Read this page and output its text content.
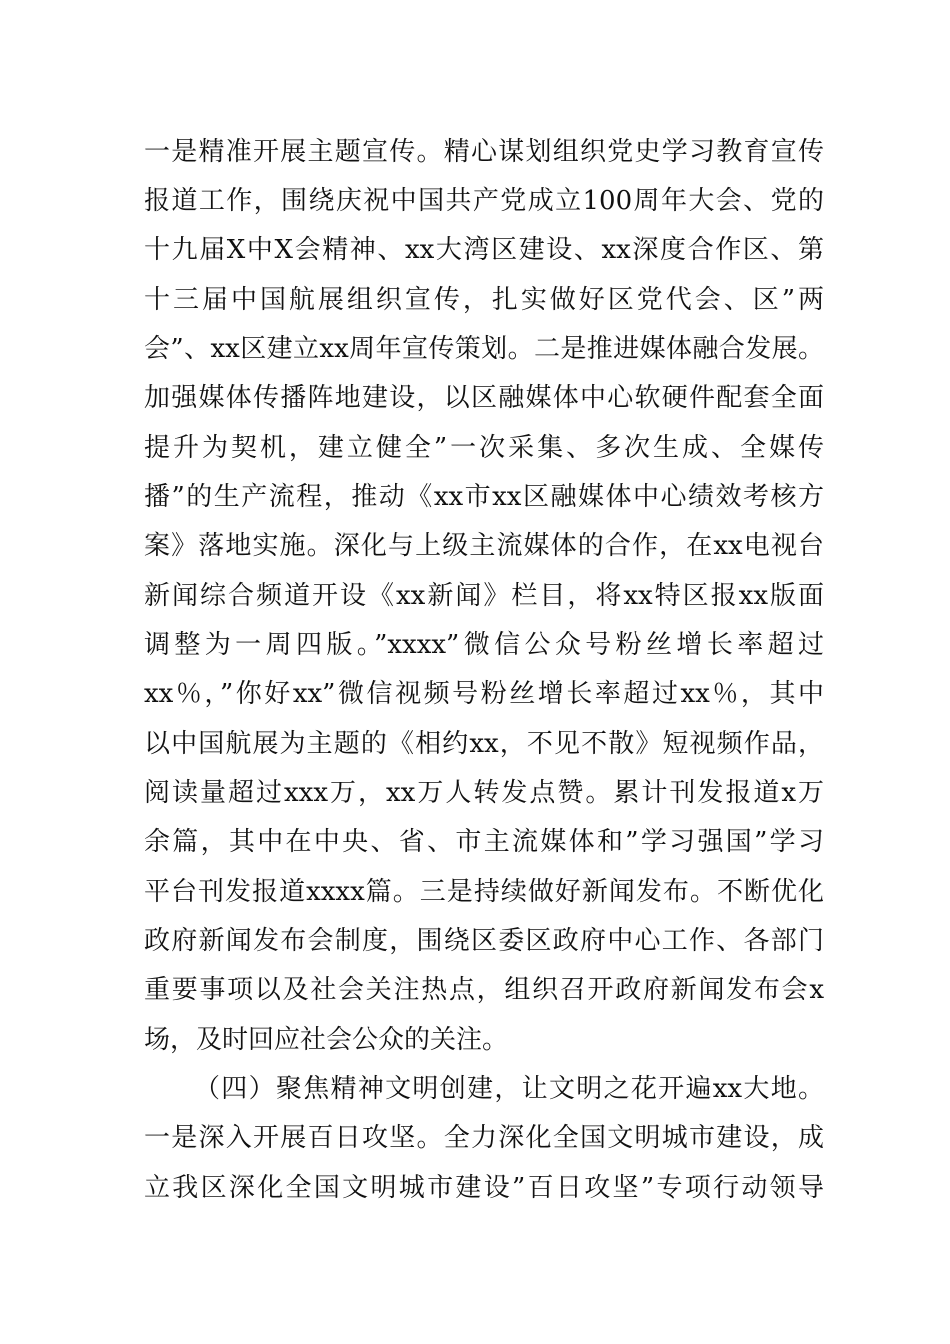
一是精准开展主题宣传。精心谋划组织党史学习教育宣传
报道工作，围绕庆祝中国共产党成立100周年大会、党的
十九届X中X会精神、xx大湾区建设、xx深度合作区、第
十三届中国航展组织宣传，扎实做好区党代会、区”两
会”、xx区建立xx周年宣传策划。二是推进媒体融合发展。
加强媒体传播阵地建设，以区融媒体中心软硬件配套全面
提升为契机，建立健全”一次采集、多次生成、全媒传
播”的生产流程，推动《xx市xx区融媒体中心绩效考核方
案》落地实施。深化与上级主流媒体的合作，在xx电视台
新闻综合频道开设《xx新闻》栏目，将xx特区报xx版面
调整为一周四版。”xxxx”微信公众号粉丝增长率超过
xx％，”你好xx”微信视频号粉丝增长率超过xx％，其中
以中国航展为主题的《相约xx，不见不散》短视频作品，
阅读量超过xxx万，xx万人转发点赞。累计刊发报道x万
余篇，其中在中央、省、市主流媒体和”学习强国”学习
平台刊发报道xxxx篇。三是持续做好新闻发布。不断优化
政府新闻发布会制度，围绕区委区政府中心工作、各部门
重要事项以及社会关注热点，组织召开政府新闻发布会x
场，及时回应社会公众的关注。
（四）聚焦精神文明创建，让文明之花开遍xx大地。
一是深入开展百日攻坚。全力深化全国文明城市建设，成
立我区深化全国文明城市建设”百日攻坚”专项行动领导
